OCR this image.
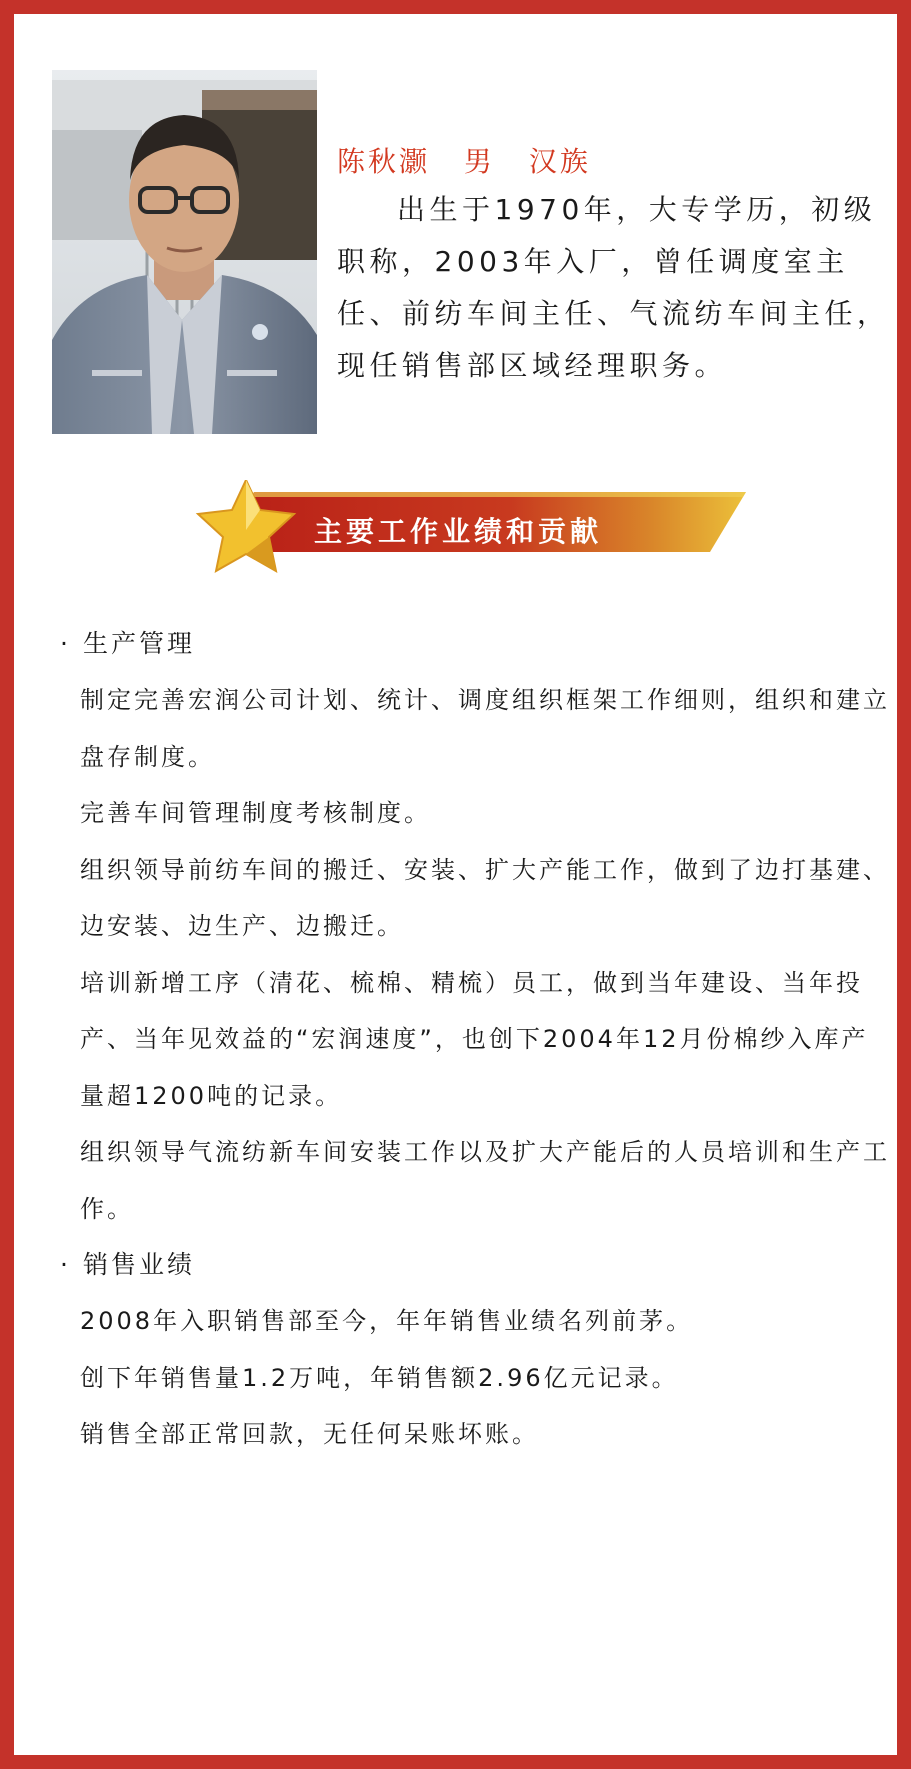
陈秋灏 男 汉族

出生于1970年，大专学历，初级职称，2003年入厂，曾任调度室主任、前纺车间主任、气流纺车间主任，现任销售部区域经理职务。

主要工作业绩和贡献
· 生产管理

制定完善宏润公司计划、统计、调度组织框架工作细则，组织和建立盘存制度。

完善车间管理制度考核制度。

组织领导前纺车间的搬迁、安装、扩大产能工作，做到了边打基建、边安装、边生产、边搬迁。

培训新增工序（清花、梳棉、精梳）员工，做到当年建设、当年投产、当年见效益的“宏润速度”，也创下2004年12月份棉纱入库产量超1200吨的记录。

组织领导气流纺新车间安装工作以及扩大产能后的人员培训和生产工作。

· 销售业绩

2008年入职销售部至今，年年销售业绩名列前茅。

创下年销售量1.2万吨，年销售额2.96亿元记录。

销售全部正常回款，无任何呆账坏账。
